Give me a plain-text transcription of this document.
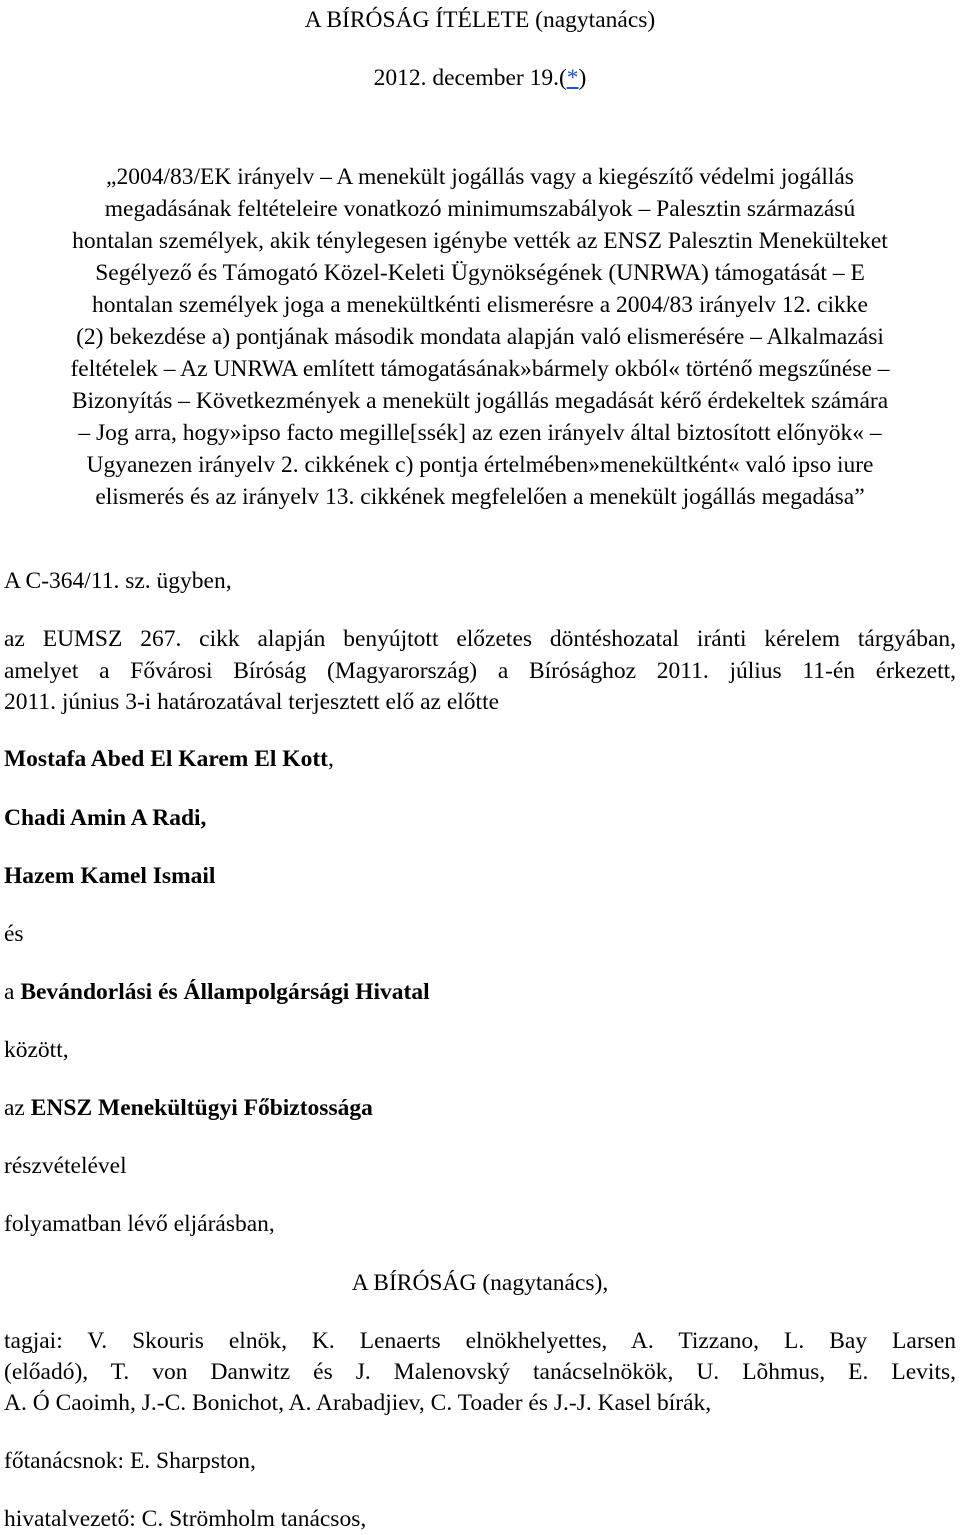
A BÍRÓSÁG ÍTÉLETE (nagytanács)
2012. december 19.(*)
„2004/83/EK irányelv – A menekült jogállás vagy a kiegészítő védelmi jogállás
megadásának feltételeire vonatkozó minimumszabályok – Palesztin származású
hontalan személyek, akik ténylegesen igénybe vették az ENSZ Palesztin Menekülteket
Segélyező és Támogató Közel-Keleti Ügynökségének (UNRWA) támogatását – E
hontalan személyek joga a menekültkénti elismerésre a 2004/83 irányelv 12. cikke
(2) bekezdése a) pontjának második mondata alapján való elismerésére – Alkalmazási
feltételek – Az UNRWA említett támogatásának»bármely okból« történő megszűnése –
Bizonyítás – Következmények a menekült jogállás megadását kérő érdekeltek számára
– Jog arra, hogy»ipso facto megille[ssék] az ezen irányelv által biztosított előnyök« –
Ugyanezen irányelv 2. cikkének c) pontja értelmében»menekültként« való ipso iure
elismerés és az irányelv 13. cikkének megfelelően a menekült jogállás megadása”
A C-364/11. sz. ügyben,
az EUMSZ 267. cikk alapján benyújtott előzetes döntéshozatal iránti kérelem tárgyában,
amelyet a Fővárosi Bíróság (Magyarország) a Bírósághoz 2011. július 11-én érkezett,
2011. június 3-i határozatával terjesztett elő az előtte
Mostafa Abed El Karem El Kott,
Chadi Amin A Radi,
Hazem Kamel Ismail
és
a Bevándorlási és Állampolgársági Hivatal
között,
az ENSZ Menekültügyi Főbiztossága
részvételével
folyamatban lévő eljárásban,
A BÍRÓSÁG (nagytanács),
tagjai: V. Skouris elnök, K. Lenaerts elnökhelyettes, A. Tizzano, L. Bay Larsen
(előadó), T. von Danwitz és J. Malenovský tanácselnökök, U. Lõhmus, E. Levits,
A. Ó Caoimh, J.-C. Bonichot, A. Arabadjiev, C. Toader és J.-J. Kasel bírák,
főtanácsnok: E. Sharpston,
hivatalvezető: C. Strömholm tanácsos,
